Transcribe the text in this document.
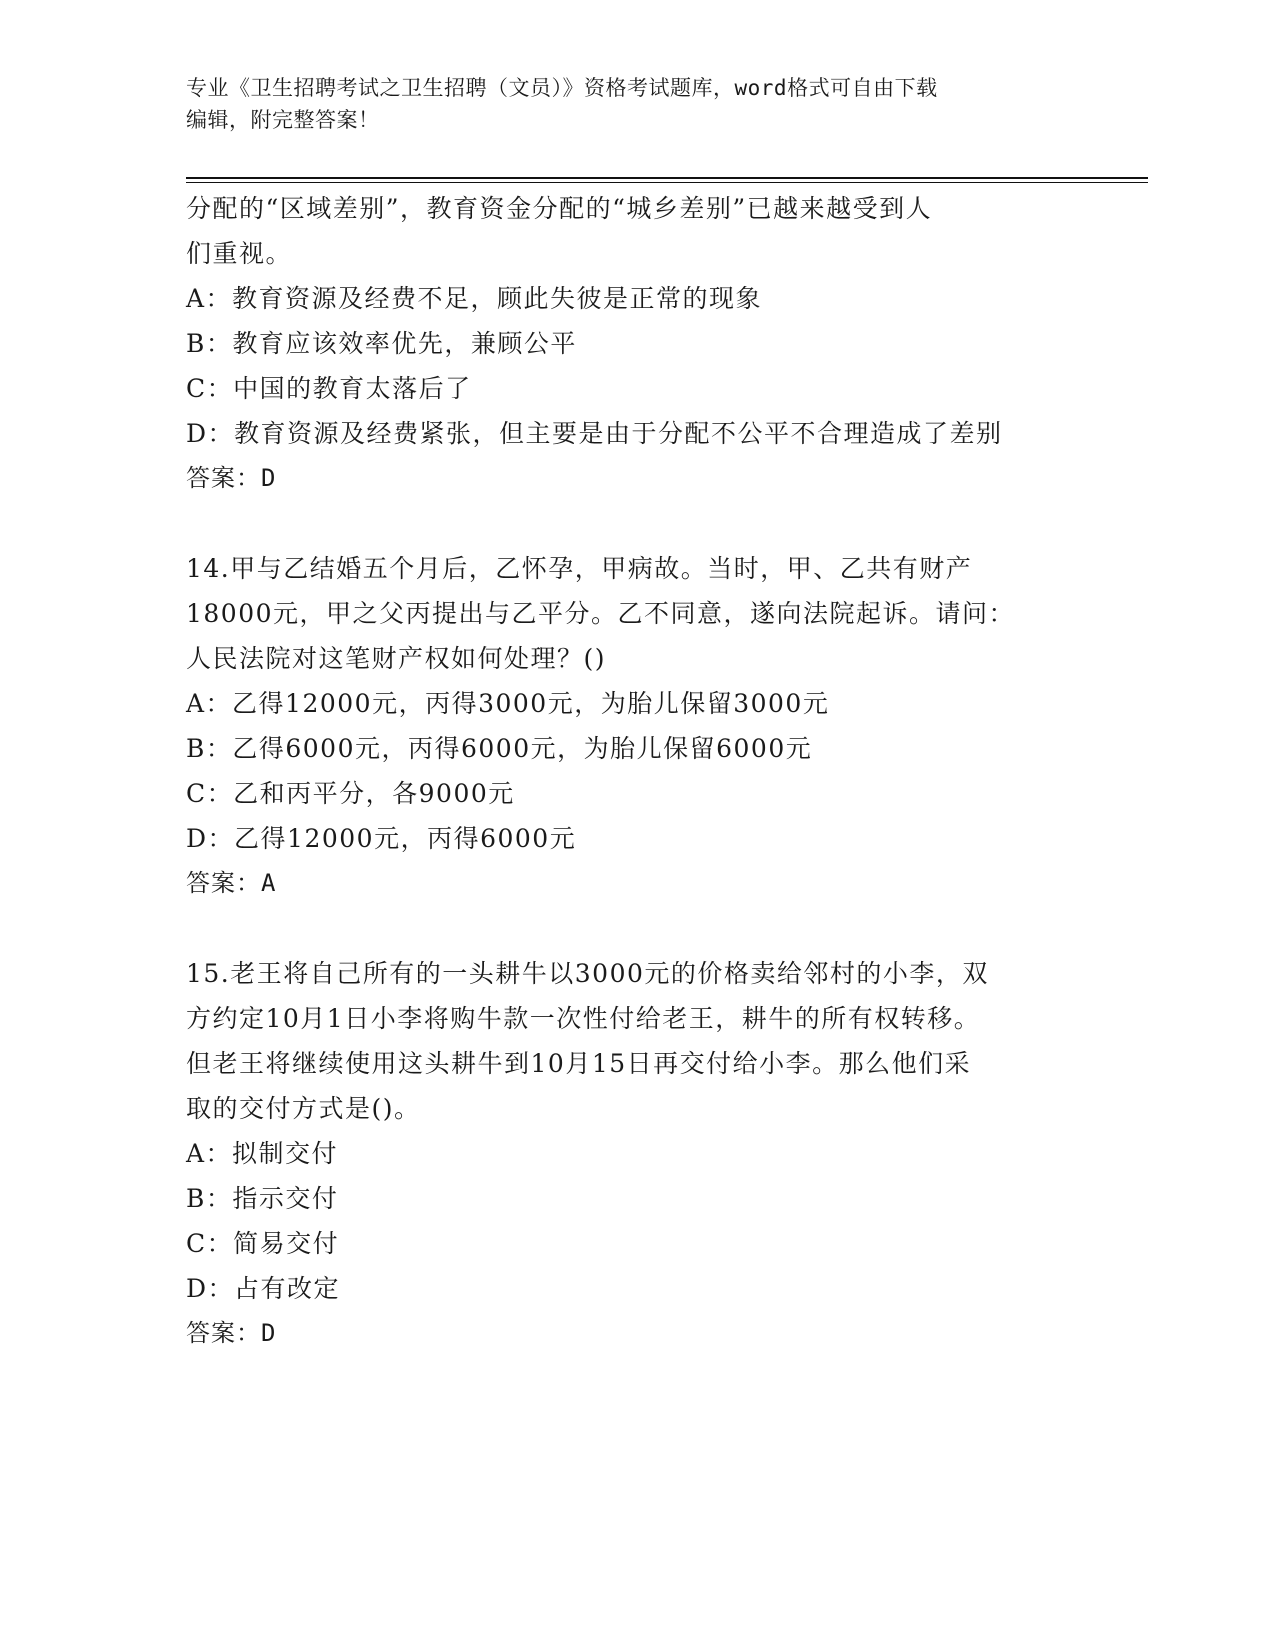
专业《卫生招聘考试之卫生招聘（文员）》资格考试题库，word格式可自由下载
编辑，附完整答案！
分配的“区域差别”，教育资金分配的“城乡差别”已越来越受到人
们重视。
A：教育资源及经费不足，顾此失彼是正常的现象
B：教育应该效率优先，兼顾公平
C：中国的教育太落后了
D：教育资源及经费紧张，但主要是由于分配不公平不合理造成了差别
答案：D
14.甲与乙结婚五个月后，乙怀孕，甲病故。当时，甲、乙共有财产
18000元，甲之父丙提出与乙平分。乙不同意，遂向法院起诉。请问：
人民法院对这笔财产权如何处理？()
A：乙得12000元，丙得3000元，为胎儿保留3000元
B：乙得6000元，丙得6000元，为胎儿保留6000元
C：乙和丙平分，各9000元
D：乙得12000元，丙得6000元
答案：A
15.老王将自己所有的一头耕牛以3000元的价格卖给邻村的小李，双
方约定10月1日小李将购牛款一次性付给老王，耕牛的所有权转移。
但老王将继续使用这头耕牛到10月15日再交付给小李。那么他们采
取的交付方式是()。
A：拟制交付
B：指示交付
C：简易交付
D：占有改定
答案：D
